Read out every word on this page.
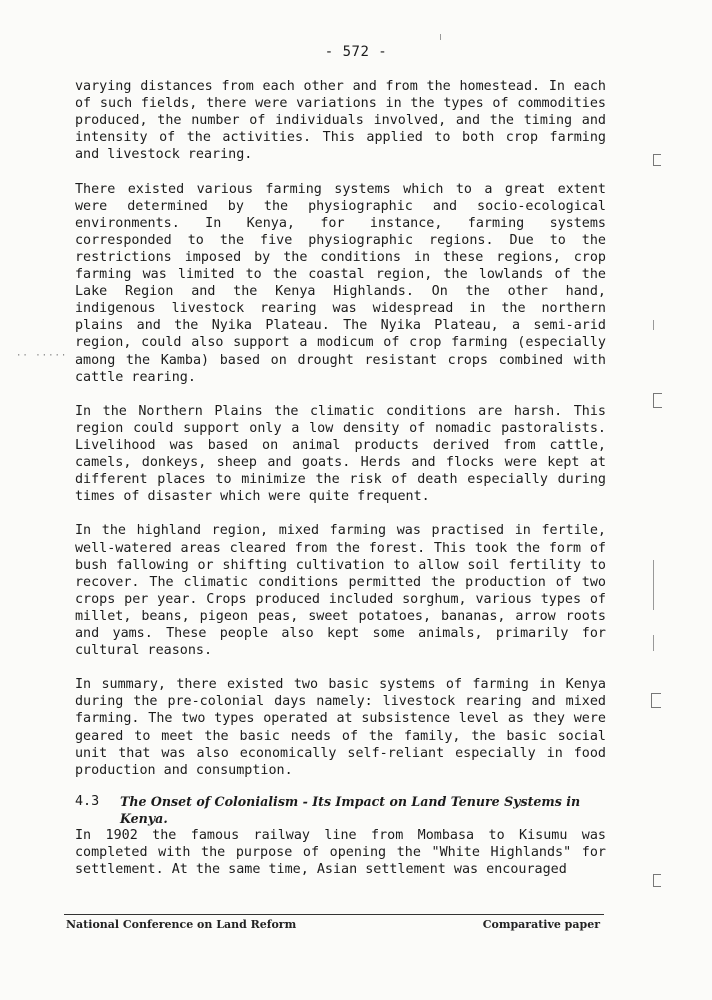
- 572 -

varying distances from each other and from the homestead. In each of such fields, there were variations in the types of commodities produced, the number of individuals involved, and the timing and intensity of the activities. This applied to both crop farming and livestock rearing.

There existed various farming systems which to a great extent were determined by the physiographic and socio-ecological environments. In Kenya, for instance, farming systems corresponded to the five physiographic regions. Due to the restrictions imposed by the conditions in these regions, crop farming was limited to the coastal region, the lowlands of the Lake Region and the Kenya Highlands. On the other hand, indigenous livestock rearing was widespread in the northern plains and the Nyika Plateau. The Nyika Plateau, a semi-arid region, could also support a modicum of crop farming (especially among the Kamba) based on drought resistant crops combined with cattle rearing.

In the Northern Plains the climatic conditions are harsh. This region could support only a low density of nomadic pastoralists. Livelihood was based on animal products derived from cattle, camels, donkeys, sheep and goats. Herds and flocks were kept at different places to minimize the risk of death especially during times of disaster which were quite frequent.

In the highland region, mixed farming was practised in fertile, well-watered areas cleared from the forest. This took the form of bush fallowing or shifting cultivation to allow soil fertility to recover. The climatic conditions permitted the production of two crops per year. Crops produced included sorghum, various types of millet, beans, pigeon peas, sweet potatoes, bananas, arrow roots and yams. These people also kept some animals, primarily for cultural reasons.

In summary, there existed two basic systems of farming in Kenya during the pre-colonial days namely: livestock rearing and mixed farming. The two types operated at subsistence level as they were geared to meet the basic needs of the family, the basic social unit that was also economically self-reliant especially in food production and consumption.

4.3	The Onset of Colonialism - Its Impact on Land Tenure Systems in Kenya.

In 1902 the famous railway line from Mombasa to Kisumu was completed with the purpose of opening the "White Highlands" for settlement. At the same time, Asian settlement was encouraged

National Conference on Land Reform	Comparative paper
·· ·····
